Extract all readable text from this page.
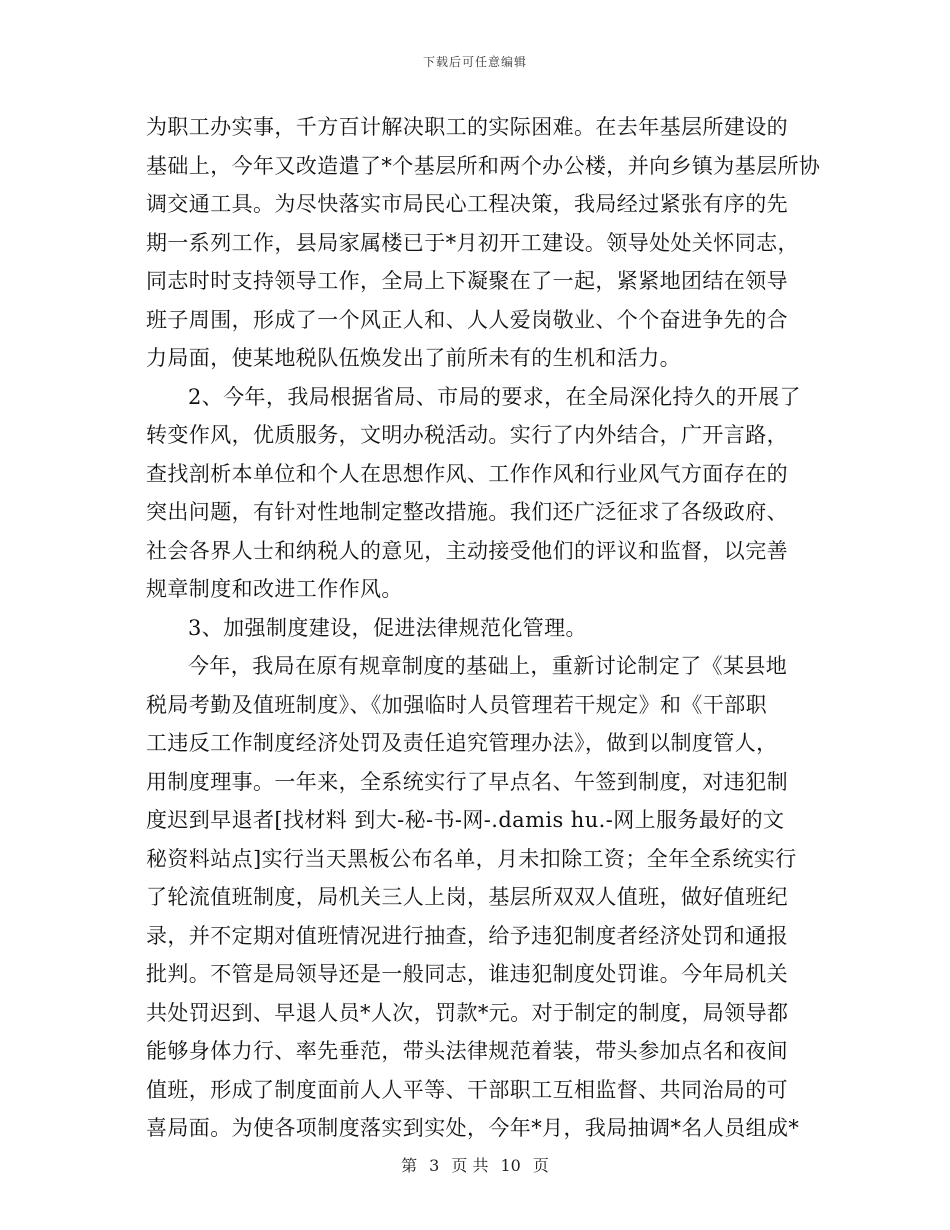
下载后可任意编辑
为职工办实事，千方百计解决职工的实际困难。在去年基层所建设的
基础上，今年又改造遣了*个基层所和两个办公楼，并向乡镇为基层所协
调交通工具。为尽快落实市局民心工程决策，我局经过紧张有序的先
期一系列工作，县局家属楼已于*月初开工建设。领导处处关怀同志，
同志时时支持领导工作，全局上下凝聚在了一起，紧紧地团结在领导
班子周围，形成了一个风正人和、人人爱岗敬业、个个奋进争先的合
力局面，使某地税队伍焕发出了前所未有的生机和活力。
2、今年，我局根据省局、市局的要求，在全局深化持久的开展了
转变作风，优质服务，文明办税活动。实行了内外结合，广开言路，
查找剖析本单位和个人在思想作风、工作作风和行业风气方面存在的
突出问题，有针对性地制定整改措施。我们还广泛征求了各级政府、
社会各界人士和纳税人的意见，主动接受他们的评议和监督，以完善
规章制度和改进工作作风。
3、加强制度建设，促进法律规范化管理。
今年，我局在原有规章制度的基础上，重新讨论制定了《某县地
税局考勤及值班制度》、《加强临时人员管理若干规定》和《干部职
工违反工作制度经济处罚及责任追究管理办法》，做到以制度管人，
用制度理事。一年来，全系统实行了早点名、午签到制度，对违犯制
度迟到早退者[找材料 到大-秘-书-网-.damis hu.-网上服务最好的文
秘资料站点]实行当天黑板公布名单，月未扣除工资；全年全系统实行
了轮流值班制度，局机关三人上岗，基层所双双人值班，做好值班纪
录，并不定期对值班情况进行抽查，给予违犯制度者经济处罚和通报
批判。不管是局领导还是一般同志，谁违犯制度处罚谁。今年局机关
共处罚迟到、早退人员*人次，罚款*元。对于制定的制度，局领导都
能够身体力行、率先垂范，带头法律规范着装，带头参加点名和夜间
值班，形成了制度面前人人平等、干部职工互相监督、共同治局的可
喜局面。为使各项制度落实到实处，今年*月，我局抽调*名人员组成*
第 3 页 共 10 页
